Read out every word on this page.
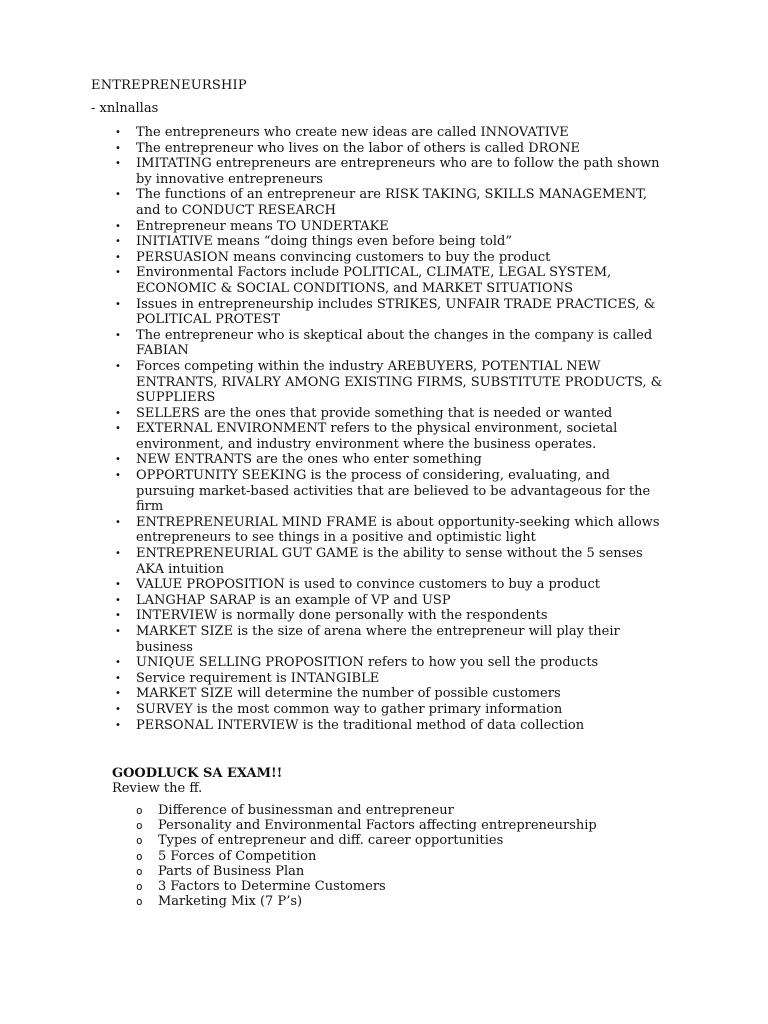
ENTREPRENEURSHIP
- xnlnallas
• The entrepreneurs who create new ideas are called INNOVATIVE
• The entrepreneur who lives on the labor of others is called DRONE
• IMITATING entrepreneurs are entrepreneurs who are to follow the path shown by innovative entrepreneurs
• The functions of an entrepreneur are RISK TAKING, SKILLS MANAGEMENT, and to CONDUCT RESEARCH
• Entrepreneur means TO UNDERTAKE
• INITIATIVE means “doing things even before being told”
• PERSUASION means convincing customers to buy the product
• Environmental Factors include POLITICAL, CLIMATE, LEGAL SYSTEM, ECONOMIC & SOCIAL CONDITIONS, and MARKET SITUATIONS
• Issues in entrepreneurship includes STRIKES, UNFAIR TRADE PRACTICES, & POLITICAL PROTEST
• The entrepreneur who is skeptical about the changes in the company is called FABIAN
• Forces competing within the industry AREBUYERS, POTENTIAL NEW ENTRANTS, RIVALRY AMONG EXISTING FIRMS, SUBSTITUTE PRODUCTS, & SUPPLIERS
• SELLERS are the ones that provide something that is needed or wanted
• EXTERNAL ENVIRONMENT refers to the physical environment, societal environment, and industry environment where the business operates.
• NEW ENTRANTS are the ones who enter something
• OPPORTUNITY SEEKING is the process of considering, evaluating, and pursuing market-based activities that are believed to be advantageous for the firm
• ENTREPRENEURIAL MIND FRAME is about opportunity-seeking which allows entrepreneurs to see things in a positive and optimistic light
• ENTREPRENEURIAL GUT GAME is the ability to sense without the 5 senses AKA intuition
• VALUE PROPOSITION is used to convince customers to buy a product
• LANGHAP SARAP is an example of VP and USP
• INTERVIEW is normally done personally with the respondents
• MARKET SIZE is the size of arena where the entrepreneur will play their business
• UNIQUE SELLING PROPOSITION refers to how you sell the products
• Service requirement is INTANGIBLE
• MARKET SIZE will determine the number of possible customers
• SURVEY is the most common way to gather primary information
• PERSONAL INTERVIEW is the traditional method of data collection
GOODLUCK SA EXAM!!
Review the ff.
o Difference of businessman and entrepreneur
o Personality and Environmental Factors affecting entrepreneurship
o Types of entrepreneur and diff. career opportunities
o 5 Forces of Competition
o Parts of Business Plan
o 3 Factors to Determine Customers
o Marketing Mix (7 P’s)
